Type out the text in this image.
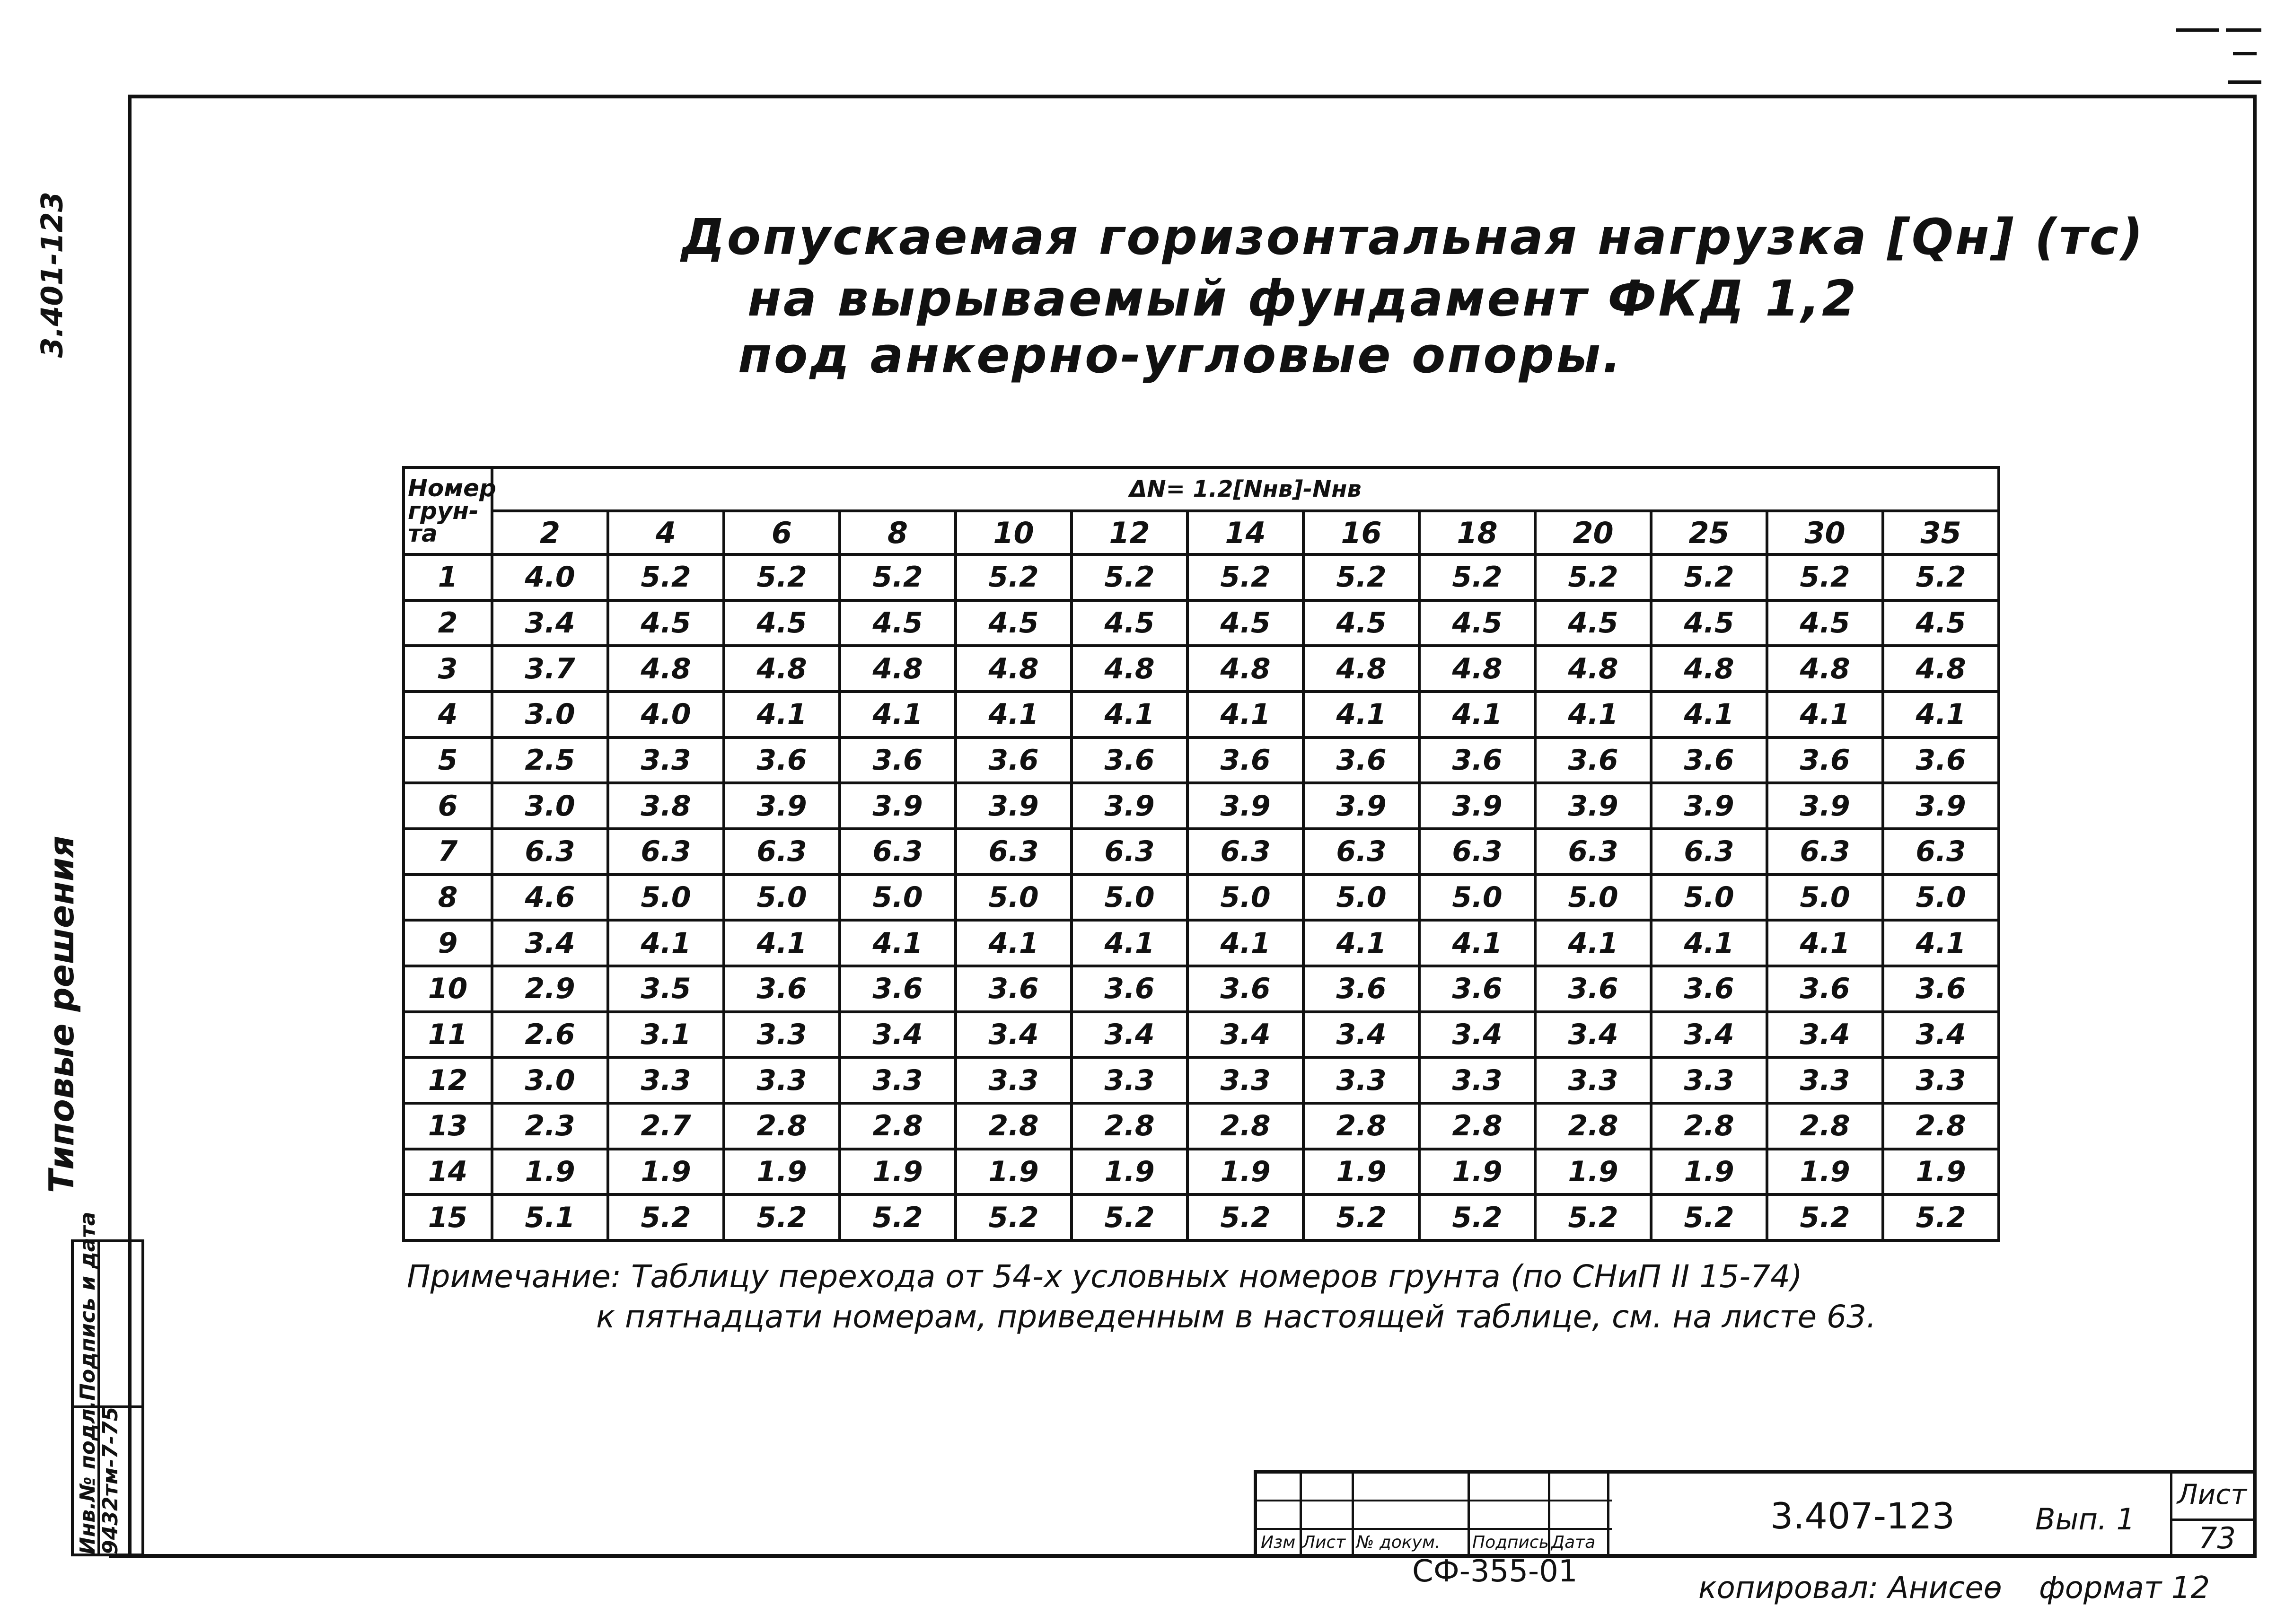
3.401-123
Типовые решения
Инв.№ подл.
9432тм-7-75
Подпись и дата
Допускаемая горизонтальная нагрузка [Qн] (тс)
на вырываемый фундамент ФКД 1,2
под анкерно-угловые опоры.
Номер грун-та	ΔN= 1.2[Nнв]-Nнв												
	2	4	6	8	10	12	14	16	18	20	25	30	35
1	4.0	5.2	5.2	5.2	5.2	5.2	5.2	5.2	5.2	5.2	5.2	5.2	5.2
2	3.4	4.5	4.5	4.5	4.5	4.5	4.5	4.5	4.5	4.5	4.5	4.5	4.5
3	3.7	4.8	4.8	4.8	4.8	4.8	4.8	4.8	4.8	4.8	4.8	4.8	4.8
4	3.0	4.0	4.1	4.1	4.1	4.1	4.1	4.1	4.1	4.1	4.1	4.1	4.1
5	2.5	3.3	3.6	3.6	3.6	3.6	3.6	3.6	3.6	3.6	3.6	3.6	3.6
6	3.0	3.8	3.9	3.9	3.9	3.9	3.9	3.9	3.9	3.9	3.9	3.9	3.9
7	6.3	6.3	6.3	6.3	6.3	6.3	6.3	6.3	6.3	6.3	6.3	6.3	6.3
8	4.6	5.0	5.0	5.0	5.0	5.0	5.0	5.0	5.0	5.0	5.0	5.0	5.0
9	3.4	4.1	4.1	4.1	4.1	4.1	4.1	4.1	4.1	4.1	4.1	4.1	4.1
10	2.9	3.5	3.6	3.6	3.6	3.6	3.6	3.6	3.6	3.6	3.6	3.6	3.6
11	2.6	3.1	3.3	3.4	3.4	3.4	3.4	3.4	3.4	3.4	3.4	3.4	3.4
12	3.0	3.3	3.3	3.3	3.3	3.3	3.3	3.3	3.3	3.3	3.3	3.3	3.3
13	2.3	2.7	2.8	2.8	2.8	2.8	2.8	2.8	2.8	2.8	2.8	2.8	2.8
14	1.9	1.9	1.9	1.9	1.9	1.9	1.9	1.9	1.9	1.9	1.9	1.9	1.9
15	5.1	5.2	5.2	5.2	5.2	5.2	5.2	5.2	5.2	5.2	5.2	5.2	5.2
Примечание: Таблицу перехода от 54-х условных номеров грунта (по СНиП II 15-74)
к пятнадцати номерам, приведенным в настоящей таблице, см. на листе 63.
Изм Лист № докум. Подпись Дата
3.407-123	Вып. 1
Лист
73
СФ-355-01	копировал: Анисеѳ формат 12
